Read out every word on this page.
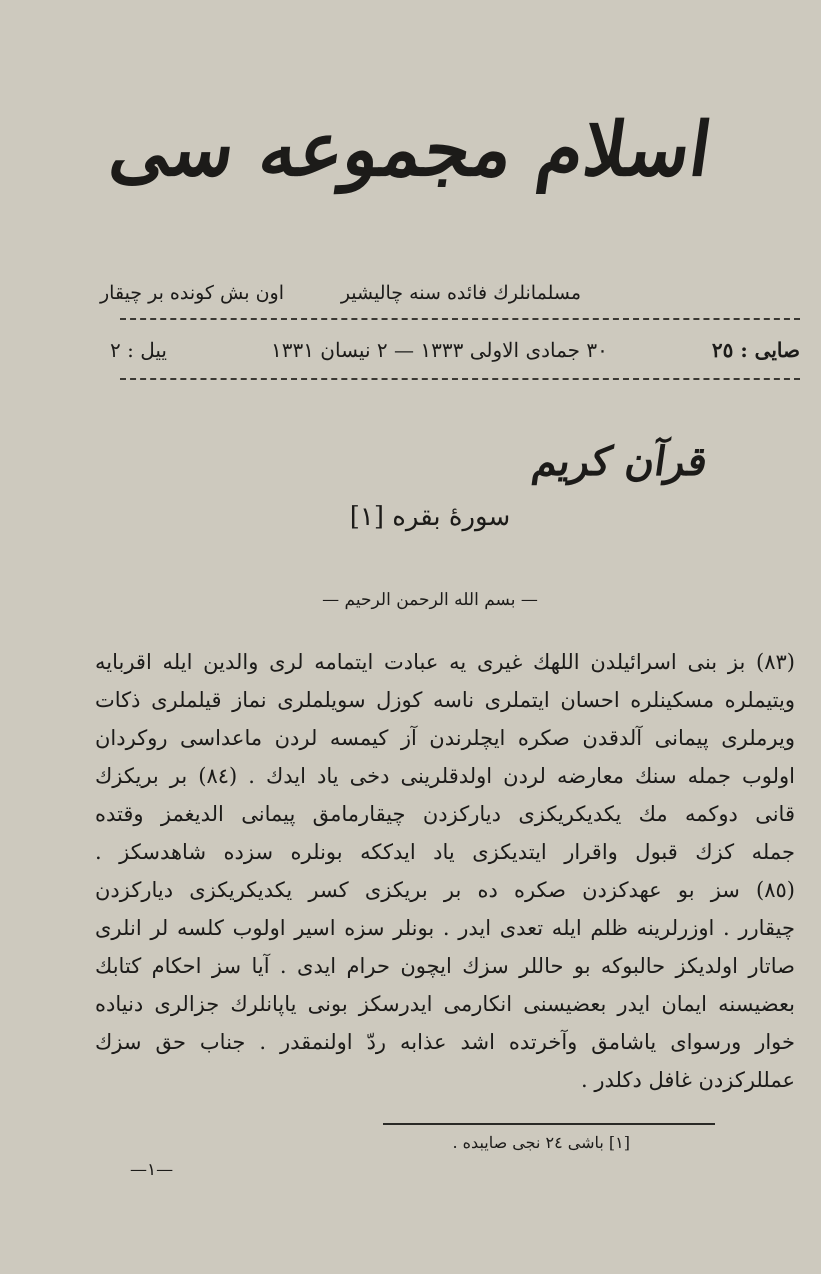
اسلام مجموعه سی
مسلمانلرك فائده سنه چاليشير
اون بش كونده بر چيقار
صايى : ٢٥
٣٠ جمادى الاولى ١٣٣٣ — ٢ نيسان ١٣٣١
ييل : ٢
قرآن كريم
سورهٔ بقره [١]
— بسم الله الرحمن الرحيم —
(٨٣) بز بنى اسرائيلدن اللهك غيرى يه عبادت ايتمامه لرى والدين ايله اقربايه
ويتيملره مسكينلره احسان ايتملرى ناسه كوزل سويلملرى نماز قيلملرى ذكات
ويرملرى پيمانى آلدقدن صكره ايچلرندن آز كيمسه لردن ماعداسى روكردان
اولوب جمله سنك معارضه لردن اولدقلرينى دخى ياد ايدك . (٨٤) بر بريكزك
قانى دوكمه مك يكديكريكزى دياركزدن چيقارمامق پيمانى الديغمز وقتده
جمله كزك قبول واقرار ايتديكزى ياد ايدككه بونلره سزده شاهدسكز .
(٨٥) سز بو عهدكزدن صكره ده بر بريكزى كسر يكديكريكزى دياركزدن
چيقارر . اوزرلرينه ظلم ايله تعدى ايدر . بونلر سزه اسير اولوب كلسه لر انلرى
صاتار اولديكز حالبوكه بو حاللر سزك ايچون حرام ايدى . آيا سز احكام كتابك
بعضيسنه ايمان ايدر بعضيسنى انكارمى ايدرسكز بونى ياپانلرك جزالرى دنياده
خوار ورسواى ياشامق وآخرتده اشد عذابه ردّ اولنمقدر . جناب حق سزك
عمللركزدن غافل دكلدر .
[١] باشى ٢٤ نجى صايبده .
—١—
